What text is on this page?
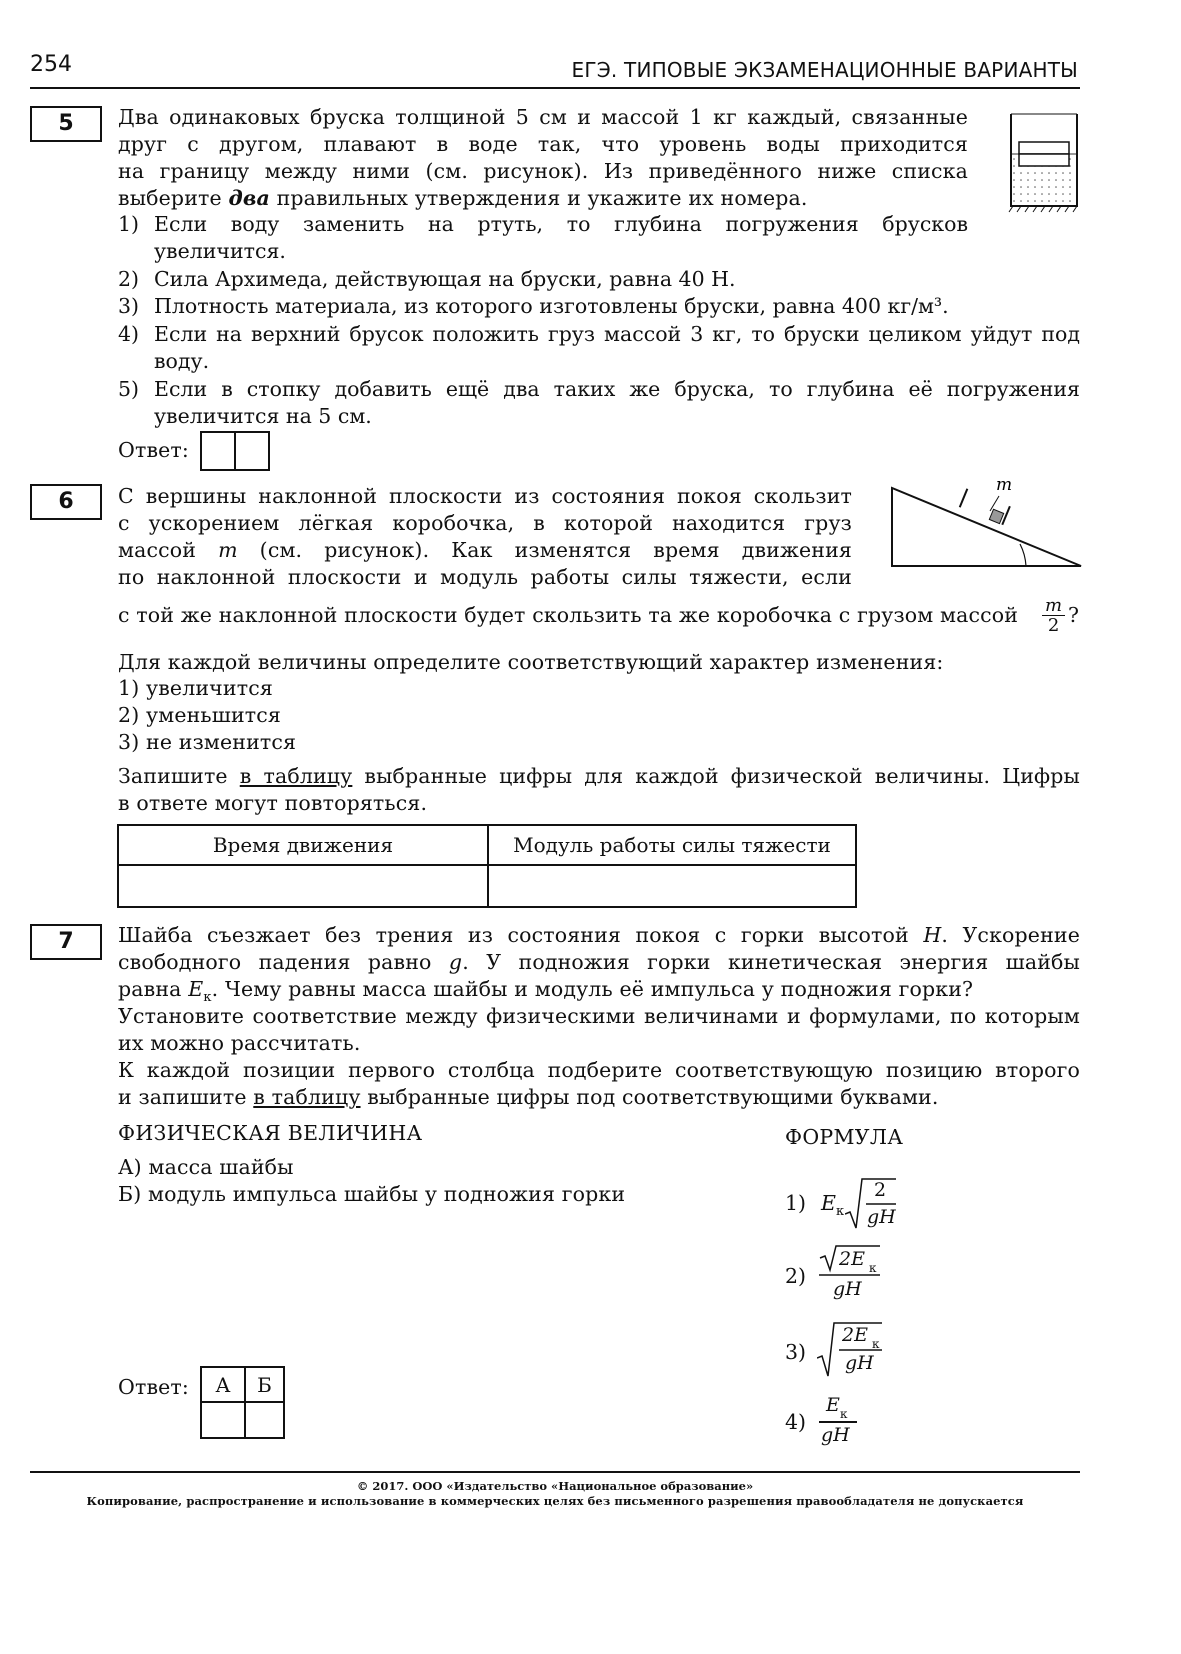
254	ЕГЭ. ТИПОВЫЕ ЭКЗАМЕНАЦИОННЫЕ ВАРИАНТЫ
5	Два одинаковых бруска толщиной 5 см и массой 1 кг каждый, связанные
друг с другом, плавают в воде так, что уровень воды приходится
на границу между ними (см. рисунок). Из приведённого ниже списка
выберите два правильных утверждения и укажите их номера.
1) Если воду заменить на ртуть, то глубина погружения брусков увеличится.
2) Сила Архимеда, действующая на бруски, равна 40 Н.
3) Плотность материала, из которого изготовлены бруски, равна 400 кг/м³.
4) Если на верхний брусок положить груз массой 3 кг, то бруски целиком уйдут под воду.
5) Если в стопку добавить ещё два таких же бруска, то глубина её погружения увеличится на 5 см.
Ответ:
6	С вершины наклонной плоскости из состояния покоя скользит
с ускорением лёгкая коробочка, в которой находится груз
массой m (см. рисунок). Как изменятся время движения
по наклонной плоскости и модуль работы силы тяжести, если
с той же наклонной плоскости будет скользить та же коробочка с грузом массой	m
2 ?
m
Для каждой величины определите соответствующий характер изменения:
1) увеличится
2) уменьшится
3) не изменится
Запишите в таблицу выбранные цифры для каждой физической величины. Цифры
в ответе могут повторяться.
Время движения	Модуль работы силы тяжести

7	Шайба съезжает без трения из состояния покоя с горки высотой H. Ускорение
свободного падения равно g. У подножия горки кинетическая энергия шайбы
равна $E_к$. Чему равны масса шайбы и модуль её импульса у подножия горки?
Установите соответствие между физическими величинами и формулами, по которым
их можно рассчитать.
К каждой позиции первого столбца подберите соответствующую позицию второго
и запишите в таблицу выбранные цифры под соответствующими буквами.
ФИЗИЧЕСКАЯ ВЕЛИЧИНА	ФОРМУЛА
А) масса шайбы
Б) модуль импульса шайбы у подножия горки	1) E к
2
gH
2)
2E к
gH
3)
2E к
gH
4)
E к
gH
Ответ: А	Б

© 2017. ООО «Издательство «Национальное образование»
Копирование, распространение и использование в коммерческих целях без письменного разрешения правообладателя не допускается
